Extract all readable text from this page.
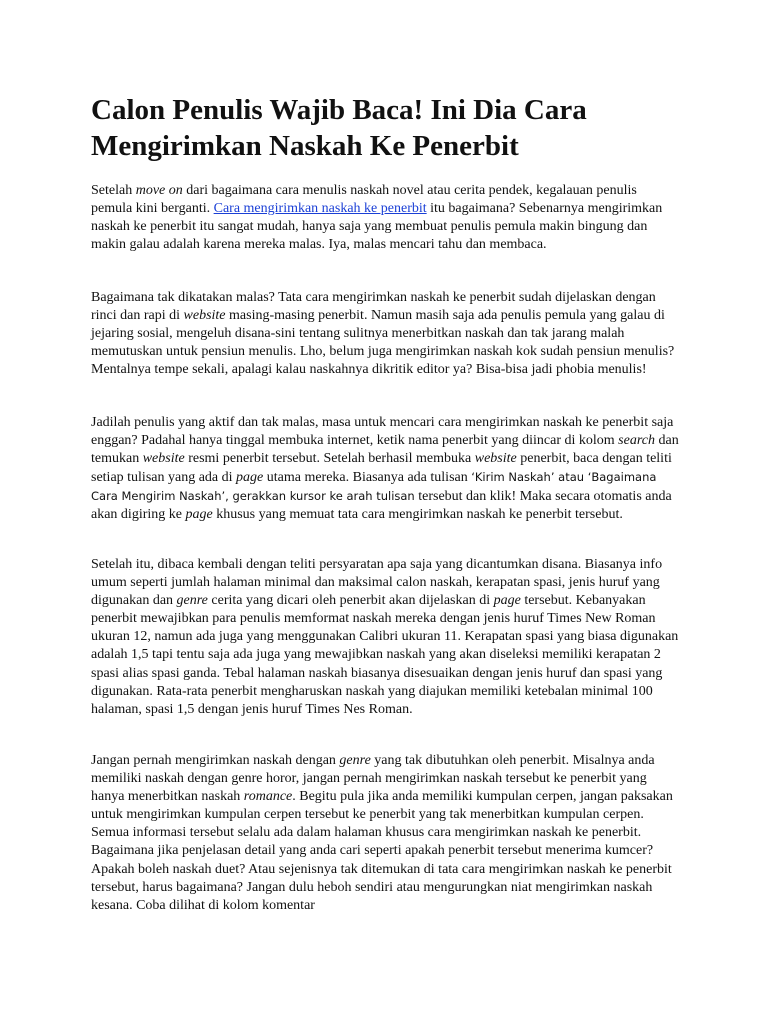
Calon Penulis Wajib Baca! Ini Dia Cara Mengirimkan Naskah Ke Penerbit

Setelah move on dari bagaimana cara menulis naskah novel atau cerita pendek, kegalauan penulis pemula kini berganti. Cara mengirimkan naskah ke penerbit itu bagaimana? Sebenarnya mengirimkan naskah ke penerbit itu sangat mudah, hanya saja yang membuat penulis pemula makin bingung dan makin galau adalah karena mereka malas. Iya, malas mencari tahu dan membaca.

Bagaimana tak dikatakan malas? Tata cara mengirimkan naskah ke penerbit sudah dijelaskan dengan rinci dan rapi di website masing-masing penerbit. Namun masih saja ada penulis pemula yang galau di jejaring sosial, mengeluh disana-sini tentang sulitnya menerbitkan naskah dan tak jarang malah memutuskan untuk pensiun menulis. Lho, belum juga mengirimkan naskah kok sudah pensiun menulis? Mentalnya tempe sekali, apalagi kalau naskahnya dikritik editor ya? Bisa-bisa jadi phobia menulis!

Jadilah penulis yang aktif dan tak malas, masa untuk mencari cara mengirimkan naskah ke penerbit saja enggan? Padahal hanya tinggal membuka internet, ketik nama penerbit yang diincar di kolom search dan temukan website resmi penerbit tersebut. Setelah berhasil membuka website penerbit, baca dengan teliti setiap tulisan yang ada di page utama mereka. Biasanya ada tulisan ‘Kirim Naskah’ atau ‘Bagaimana Cara Mengirim Naskah’, gerakkan kursor ke arah tulisan tersebut dan klik! Maka secara otomatis anda akan digiring ke page khusus yang memuat tata cara mengirimkan naskah ke penerbit tersebut.

Setelah itu, dibaca kembali dengan teliti persyaratan apa saja yang dicantumkan disana. Biasanya info umum seperti jumlah halaman minimal dan maksimal calon naskah, kerapatan spasi, jenis huruf yang digunakan dan genre cerita yang dicari oleh penerbit akan dijelaskan di page tersebut. Kebanyakan penerbit mewajibkan para penulis memformat naskah mereka dengan jenis huruf Times New Roman ukuran 12, namun ada juga yang menggunakan Calibri ukuran 11. Kerapatan spasi yang biasa digunakan adalah 1,5 tapi tentu saja ada juga yang mewajibkan naskah yang akan diseleksi memiliki kerapatan 2 spasi alias spasi ganda. Tebal halaman naskah biasanya disesuaikan dengan jenis huruf dan spasi yang digunakan. Rata-rata penerbit mengharuskan naskah yang diajukan memiliki ketebalan minimal 100 halaman, spasi 1,5 dengan jenis huruf Times Nes Roman.

Jangan pernah mengirimkan naskah dengan genre yang tak dibutuhkan oleh penerbit. Misalnya anda memiliki naskah dengan genre horor, jangan pernah mengirimkan naskah tersebut ke penerbit yang hanya menerbitkan naskah romance. Begitu pula jika anda memiliki kumpulan cerpen, jangan paksakan untuk mengirimkan kumpulan cerpen tersebut ke penerbit yang tak menerbitkan kumpulan cerpen. Semua informasi tersebut selalu ada dalam halaman khusus cara mengirimkan naskah ke penerbit. Bagaimana jika penjelasan detail yang anda cari seperti apakah penerbit tersebut menerima kumcer? Apakah boleh naskah duet? Atau sejenisnya tak ditemukan di tata cara mengirimkan naskah ke penerbit tersebut, harus bagaimana? Jangan dulu heboh sendiri atau mengurungkan niat mengirimkan naskah kesana. Coba dilihat di kolom komentar
